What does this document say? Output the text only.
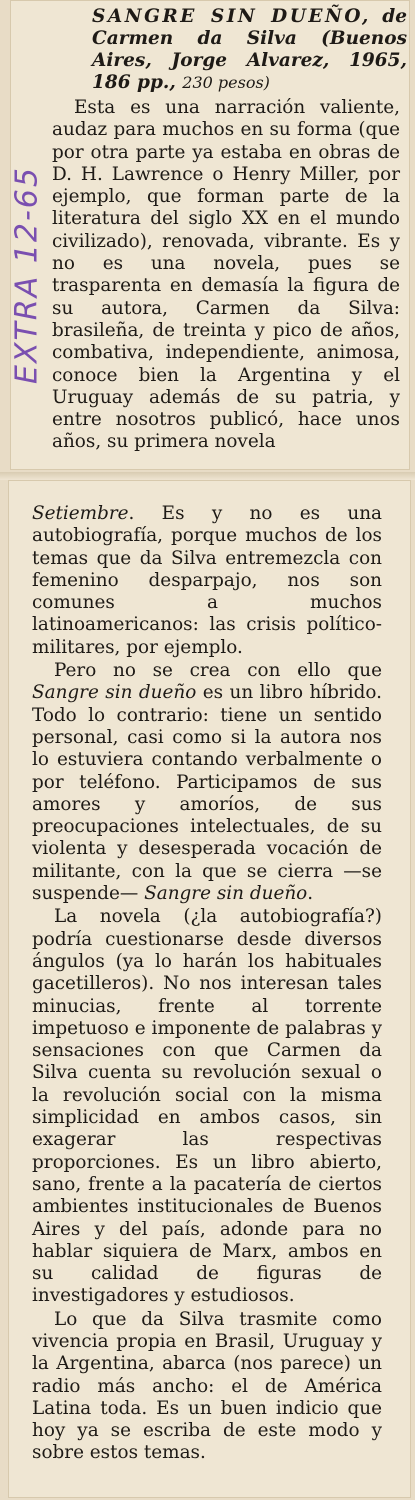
SANGRE SIN DUEÑO, de Carmen da Silva (Buenos Aires, Jorge Alvarez, 1965, 186 pp., 230 pesos)
EXTRA 12-65

Esta es una narración valiente, audaz para muchos en su forma (que por otra parte ya estaba en obras de D. H. Lawrence o Henry Miller, por ejemplo, que forman parte de la literatura del siglo XX en el mundo civilizado), renovada, vibrante. Es y no es una novela, pues se trasparenta en demasía la figura de su autora, Carmen da Silva: brasileña, de treinta y pico de años, combativa, independiente, animosa, conoce bien la Argentina y el Uruguay además de su patria, y entre nosotros publicó, hace unos años, su primera novela

Setiembre. Es y no es una autobiografía, porque muchos de los temas que da Silva entremezcla con femenino desparpajo, nos son comunes a muchos latinoamericanos: las crisis político-militares, por ejemplo.

Pero no se crea con ello que Sangre sin dueño es un libro híbrido. Todo lo contrario: tiene un sentido personal, casi como si la autora nos lo estuviera contando verbalmente o por teléfono. Participamos de sus amores y amoríos, de sus preocupaciones intelectuales, de su violenta y desesperada vocación de militante, con la que se cierra —se suspende— Sangre sin dueño.

La novela (¿la autobiografía?) podría cuestionarse desde diversos ángulos (ya lo harán los habituales gacetilleros). No nos interesan tales minucias, frente al torrente impetuoso e imponente de palabras y sensaciones con que Carmen da Silva cuenta su revolución sexual o la revolución social con la misma simplicidad en ambos casos, sin exagerar las respectivas proporciones. Es un libro abierto, sano, frente a la pacatería de ciertos ambientes institucionales de Buenos Aires y del país, adonde para no hablar siquiera de Marx, ambos en su calidad de figuras de investigadores y estudiosos.

Lo que da Silva trasmite como vivencia propia en Brasil, Uruguay y la Argentina, abarca (nos parece) un radio más ancho: el de América Latina toda. Es un buen indicio que hoy ya se escriba de este modo y sobre estos temas.
